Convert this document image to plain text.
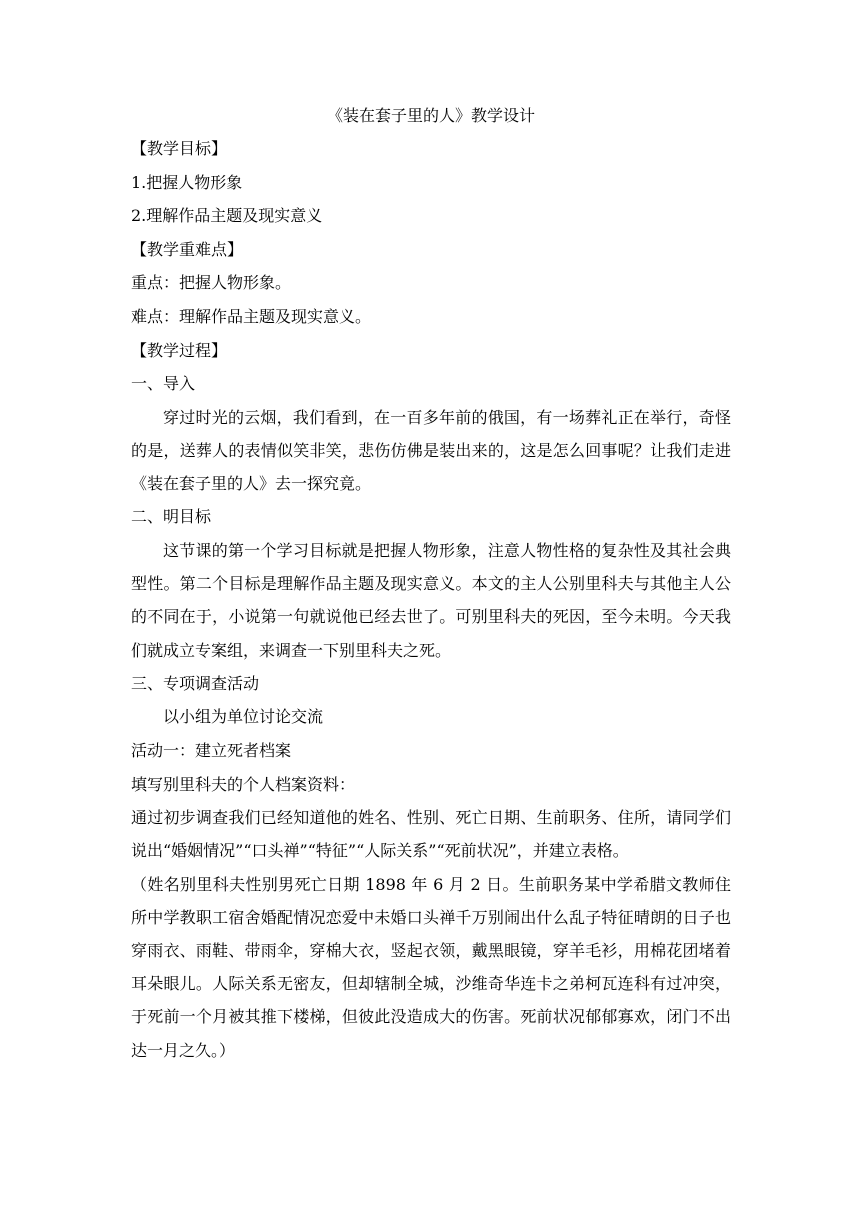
《装在套子里的人》教学设计

【教学目标】

1.把握人物形象

2.理解作品主题及现实意义

【教学重难点】

重点：把握人物形象。

难点：理解作品主题及现实意义。

【教学过程】

一、导入

穿过时光的云烟，我们看到，在一百多年前的俄国，有一场葬礼正在举行，奇怪的是，送葬人的表情似笑非笑，悲伤仿佛是装出来的，这是怎么回事呢？让我们走进《装在套子里的人》去一探究竟。

二、明目标

这节课的第一个学习目标就是把握人物形象，注意人物性格的复杂性及其社会典型性。第二个目标是理解作品主题及现实意义。本文的主人公别里科夫与其他主人公的不同在于，小说第一句就说他已经去世了。可别里科夫的死因，至今未明。今天我们就成立专案组，来调查一下别里科夫之死。

三、专项调查活动

以小组为单位讨论交流

活动一：建立死者档案

填写别里科夫的个人档案资料：

通过初步调查我们已经知道他的姓名、性别、死亡日期、生前职务、住所，请同学们说出“婚姻情况”“口头禅”“特征”“人际关系”“死前状况”，并建立表格。

（姓名别里科夫性别男死亡日期 1898 年 6 月 2 日。生前职务某中学希腊文教师住所中学教职工宿舍婚配情况恋爱中未婚口头禅千万别闹出什么乱子特征晴朗的日子也穿雨衣、雨鞋、带雨伞，穿棉大衣，竖起衣领，戴黑眼镜，穿羊毛衫，用棉花团堵着耳朵眼儿。人际关系无密友，但却辖制全城，沙维奇华连卡之弟柯瓦连科有过冲突，于死前一个月被其推下楼梯，但彼此没造成大的伤害。死前状况郁郁寡欢，闭门不出达一月之久。）
